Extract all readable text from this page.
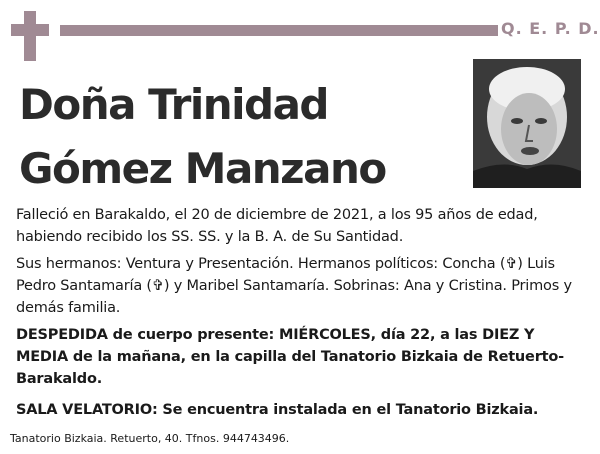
Q. E. P. D.
Doña Trinidad
Gómez Manzano
Falleció en Barakaldo, el 20 de diciembre de 2021, a los 95 años de edad, habiendo recibido los SS. SS. y la B. A. de Su Santidad.
Sus hermanos: Ventura y Presentación. Hermanos políticos: Concha (✞) Luis Pedro Santamaría (✞) y Maribel Santamaría. Sobrinas: Ana y Cristina. Primos y demás familia.
DESPEDIDA de cuerpo presente: MIÉRCOLES, día 22, a las DIEZ Y MEDIA de la mañana, en la capilla del Tanatorio Bizkaia de Retuerto-Barakaldo.
SALA VELATORIO: Se encuentra instalada en el Tanatorio Bizkaia.
Tanatorio Bizkaia. Retuerto, 40. Tfnos. 944743496.
